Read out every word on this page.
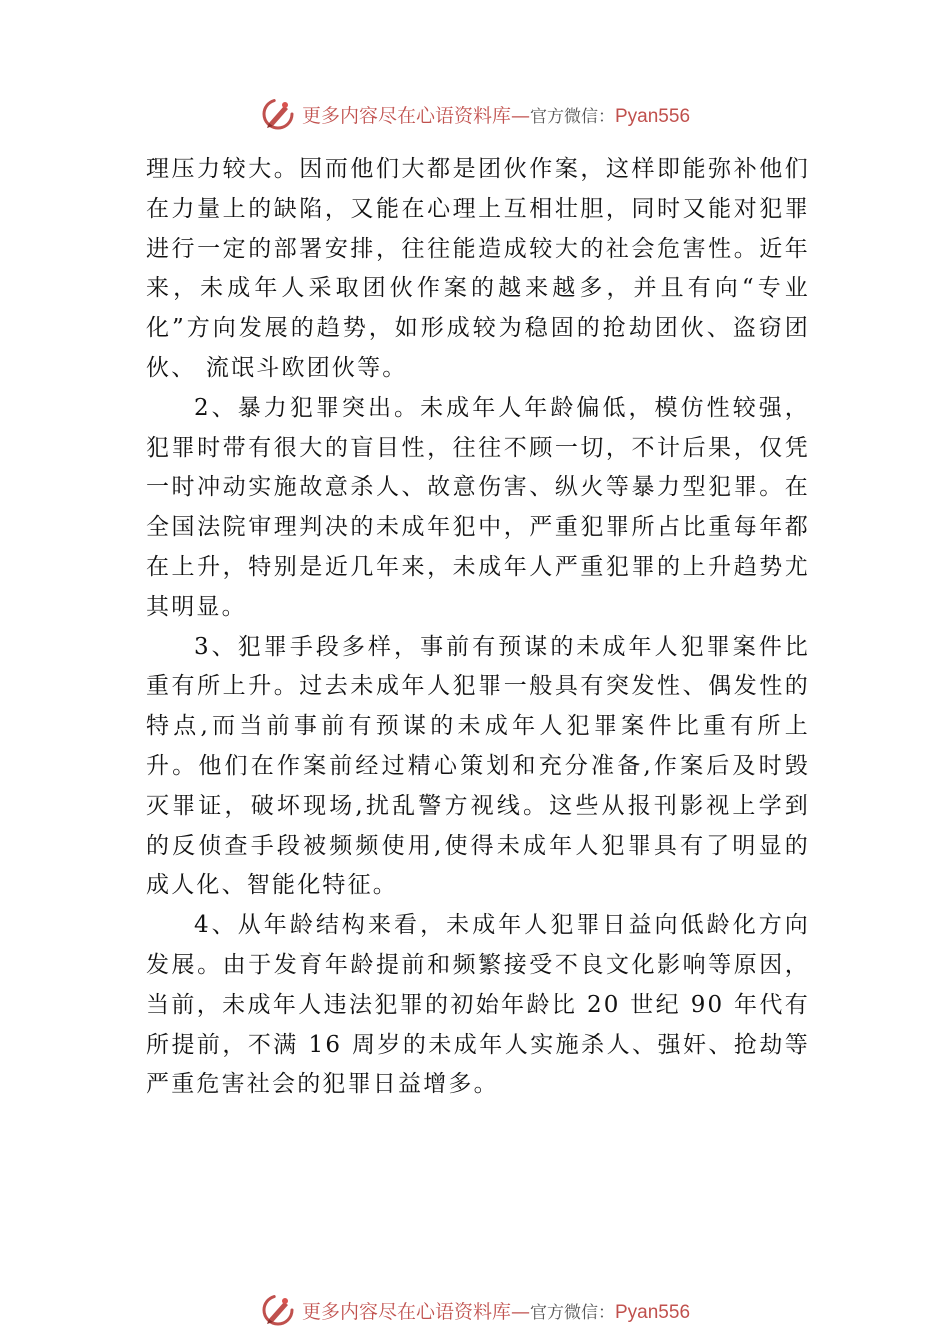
更多内容尽在心语资料库—官方微信：Pyan556

理压力较大。因而他们大都是团伙作案，这样即能弥补他们在力量上的缺陷，又能在心理上互相壮胆，同时又能对犯罪进行一定的部署安排，往往能造成较大的社会危害性。近年来，未成年人采取团伙作案的越来越多，并且有向“专业化”方向发展的趋势，如形成较为稳固的抢劫团伙、盗窃团伙、 流氓斗欧团伙等。

2、暴力犯罪突出。未成年人年龄偏低，模仿性较强，犯罪时带有很大的盲目性，往往不顾一切，不计后果，仅凭一时冲动实施故意杀人、故意伤害、纵火等暴力型犯罪。在全国法院审理判决的未成年犯中，严重犯罪所占比重每年都在上升，特别是近几年来，未成年人严重犯罪的上升趋势尤其明显。

3、犯罪手段多样，事前有预谋的未成年人犯罪案件比重有所上升。过去未成年人犯罪一般具有突发性、偶发性的特点,而当前事前有预谋的未成年人犯罪案件比重有所上升。他们在作案前经过精心策划和充分准备,作案后及时毁灭罪证，破坏现场,扰乱警方视线。这些从报刊影视上学到的反侦查手段被频频使用,使得未成年人犯罪具有了明显的成人化、智能化特征。

4、从年龄结构来看，未成年人犯罪日益向低龄化方向发展。由于发育年龄提前和频繁接受不良文化影响等原因，当前，未成年人违法犯罪的初始年龄比 20 世纪 90 年代有所提前，不满 16 周岁的未成年人实施杀人、强奸、抢劫等严重危害社会的犯罪日益增多。

更多内容尽在心语资料库—官方微信：Pyan556
